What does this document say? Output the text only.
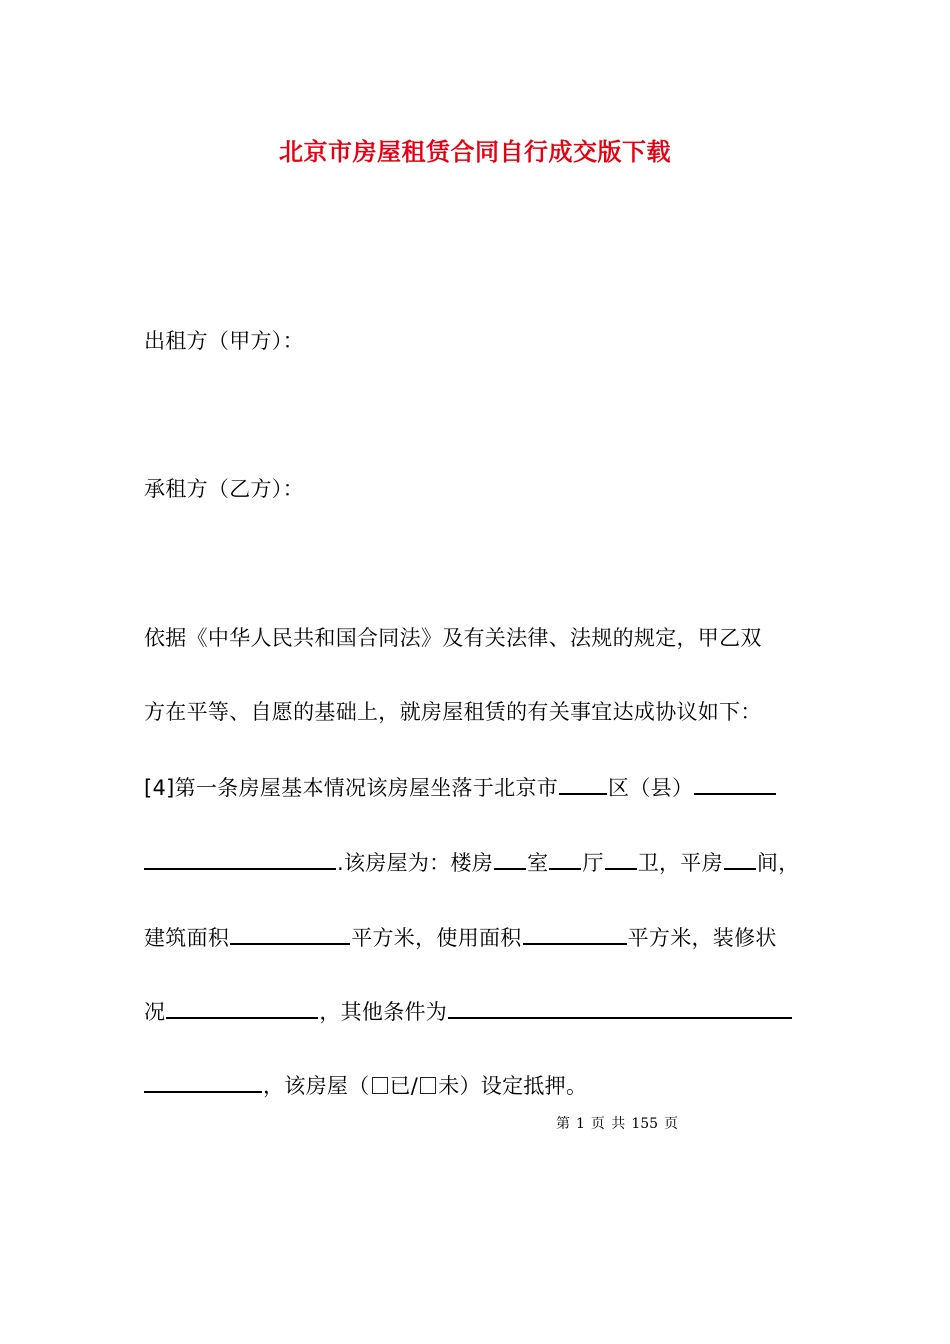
北京市房屋租赁合同自行成交版下载
出租方（甲方）：
承租方（乙方）：
依据《中华人民共和国合同法》及有关法律、法规的规定，甲乙双
方在平等、自愿的基础上，就房屋租赁的有关事宜达成协议如下：
[4]第一条房屋基本情况该房屋坐落于北京市 区（县）
.该房屋为：楼房 室 厅 卫，平房 间，
建筑面积	平方米，使用面积	平方米，装修状
况	，其他条件为
，该房屋（ 已/ 未）设定抵押。
第 1 页 共 155 页
